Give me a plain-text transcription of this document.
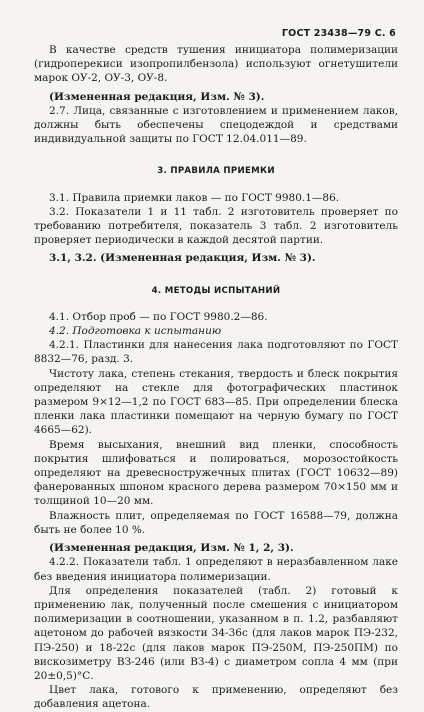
ГОСТ 23438—79 С. 6

В качестве средств тушения инициатора полимеризации (гидроперекиси изопропилбензола) используют огнетушители марок ОУ-2, ОУ-3, ОУ-8.

(Измененная редакция, Изм. № 3).

2.7. Лица, связанные с изготовлением и применением лаков, должны быть обеспечены спецодеждой и средствами индивидуальной защиты по ГОСТ 12.04.011—89.

3. ПРАВИЛА ПРИЕМКИ

3.1. Правила приемки лаков — по ГОСТ 9980.1—86.

3.2. Показатели 1 и 11 табл. 2 изготовитель проверяет по требованию потребителя, показатель 3 табл. 2 изготовитель проверяет периодически в каждой десятой партии.

3.1, 3.2. (Измененная редакция, Изм. № 3).

4. МЕТОДЫ ИСПЫТАНИЙ

4.1. Отбор проб — по ГОСТ 9980.2—86.

4.2. Подготовка к испытанию

4.2.1. Пластинки для нанесения лака подготовляют по ГОСТ 8832—76, разд. 3.

Чистоту лака, степень стекания, твердость и блеск покрытия определяют на стекле для фотографических пластинок размером 9×12—1,2 по ГОСТ 683—85. При определении блеска пленки лака пластинки помещают на черную бумагу по ГОСТ 4665—62).

Время высыхания, внешний вид пленки, способность покрытия шлифоваться и полироваться, морозостойкость определяют на древесностружечных плитах (ГОСТ 10632—89) фанерованных шпоном красного дерева размером 70×150 мм и толщиной 10—20 мм.

Влажность плит, определяемая по ГОСТ 16588—79, должна быть не более 10 %.

(Измененная редакция, Изм. № 1, 2, 3).

4.2.2. Показатели табл. 1 определяют в неразбавленном лаке без введения инициатора полимеризации.

Для определения показателей (табл. 2) готовый к применению лак, полученный после смешения с инициатором полимеризации в соотношении, указанном в п. 1.2, разбавляют ацетоном до рабочей вязкости 34-36с (для лаков марок ПЭ-232, ПЭ-250) и 18-22с (для лаков марок ПЭ-250М, ПЭ-250ПМ) по вискозиметру ВЗ-246 (или ВЗ-4) с диаметром сопла 4 мм (при 20±0,5)°С.

Цвет лака, готового к применению, определяют без добавления ацетона.
